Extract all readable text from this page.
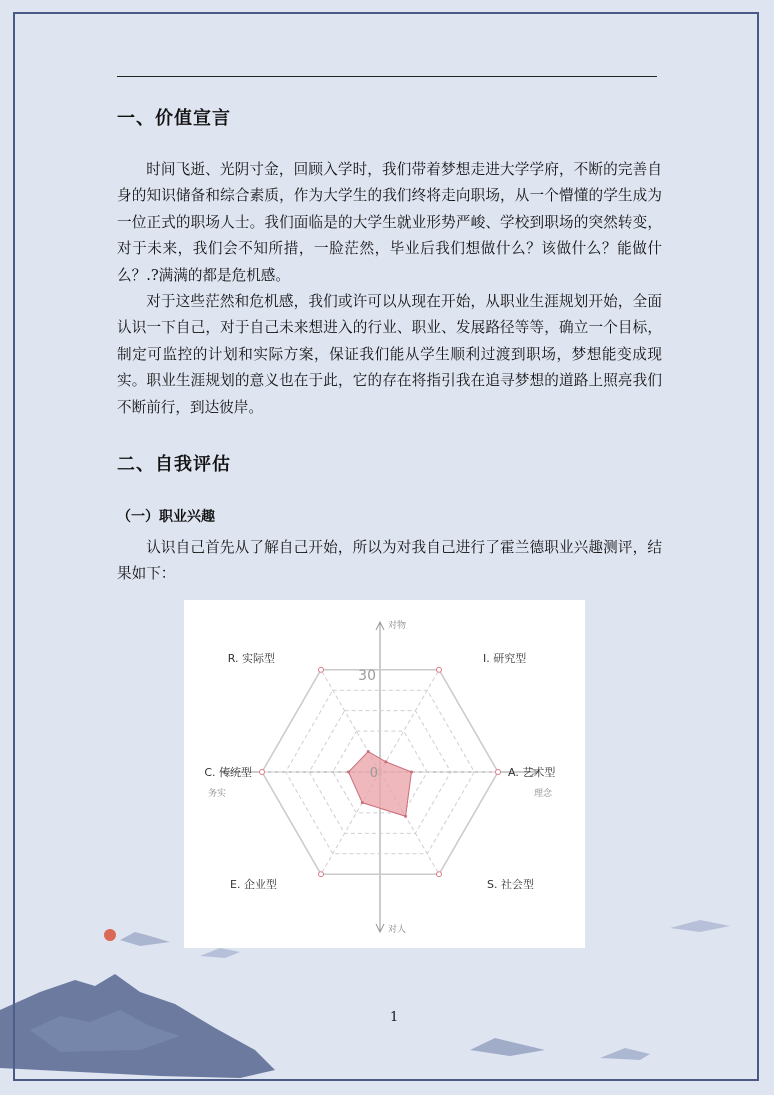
一、价值宣言

时间飞逝、光阴寸金，回顾入学时，我们带着梦想走进大学学府，不断的完善自身的知识储备和综合素质，作为大学生的我们终将走向职场，从一个懵懂的学生成为一位正式的职场人士。我们面临是的大学生就业形势严峻、学校到职场的突然转变，对于未来，我们会不知所措，一脸茫然，毕业后我们想做什么？该做什么？能做什么？.?满满的都是危机感。

对于这些茫然和危机感，我们或许可以从现在开始，从职业生涯规划开始，全面认识一下自己，对于自己未来想进入的行业、职业、发展路径等等，确立一个目标，制定可监控的计划和实际方案，保证我们能从学生顺利过渡到职场，梦想能变成现实。职业生涯规划的意义也在于此，它的存在将指引我在追寻梦想的道路上照亮我们不断前行，到达彼岸。

二、自我评估
（一）职业兴趣

认识自己首先从了解自己开始，所以为对我自己进行了霍兰德职业兴趣测评，结果如下：

R. 实际型	I. 研究型
A. 艺术型
S. 社会型
E. 企业型
C. 传统型
30
0
对物
对人
务实	理念
1
